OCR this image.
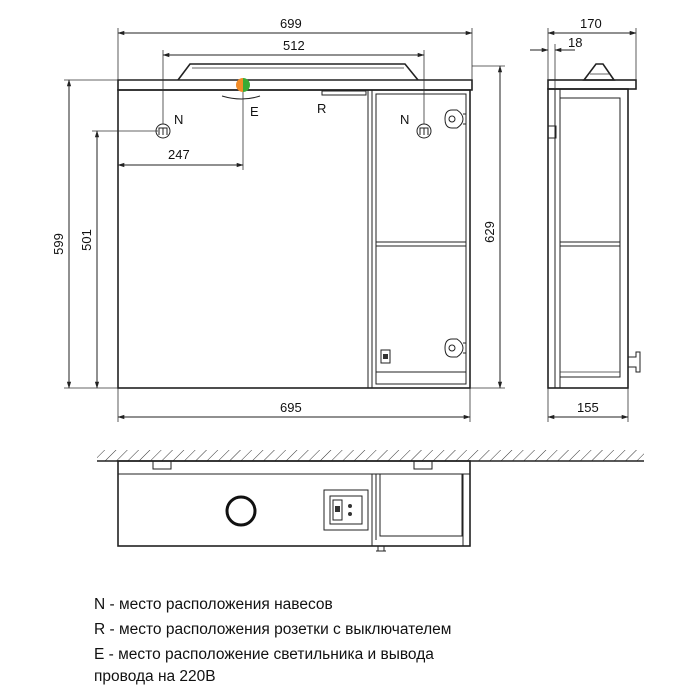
N	N
E	R
699
512
247
599 501	629
695
170
18
155
N - место расположения навесов
R - место расположения розетки с выключателем
E - место расположение светильника и вывода
провода на 220В
